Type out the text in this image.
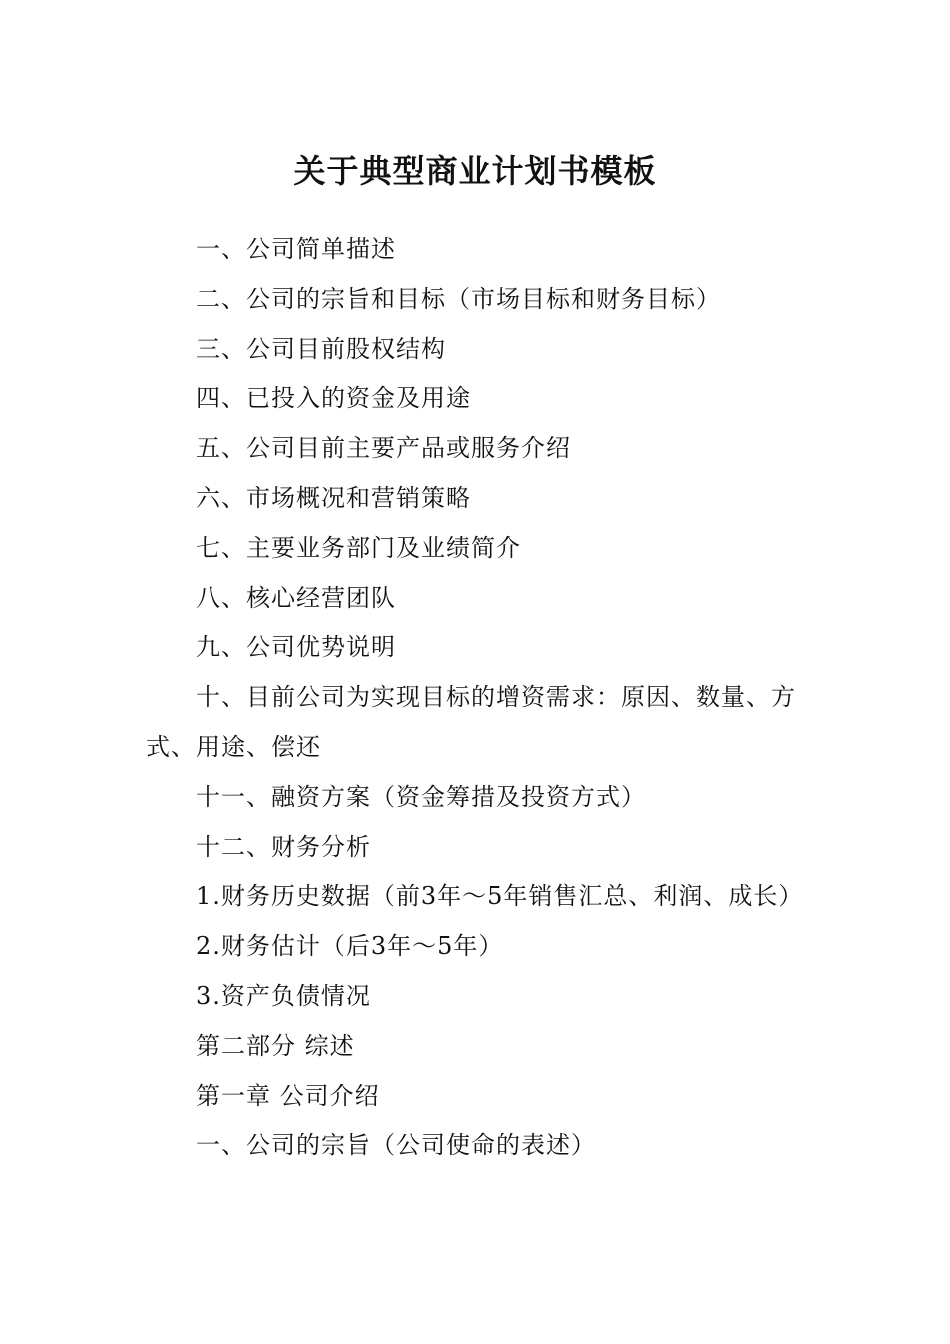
关于典型商业计划书模板

一、公司简单描述

二、公司的宗旨和目标（市场目标和财务目标）

三、公司目前股权结构

四、已投入的资金及用途

五、公司目前主要产品或服务介绍

六、市场概况和营销策略

七、主要业务部门及业绩简介

八、核心经营团队

九、公司优势说明

十、目前公司为实现目标的增资需求：原因、数量、方式、用途、偿还

十一、融资方案（资金筹措及投资方式）

十二、财务分析

1.财务历史数据（前3年～5年销售汇总、利润、成长）

2.财务估计（后3年～5年）

3.资产负债情况

第二部分 综述

第一章 公司介绍

一、公司的宗旨（公司使命的表述）
